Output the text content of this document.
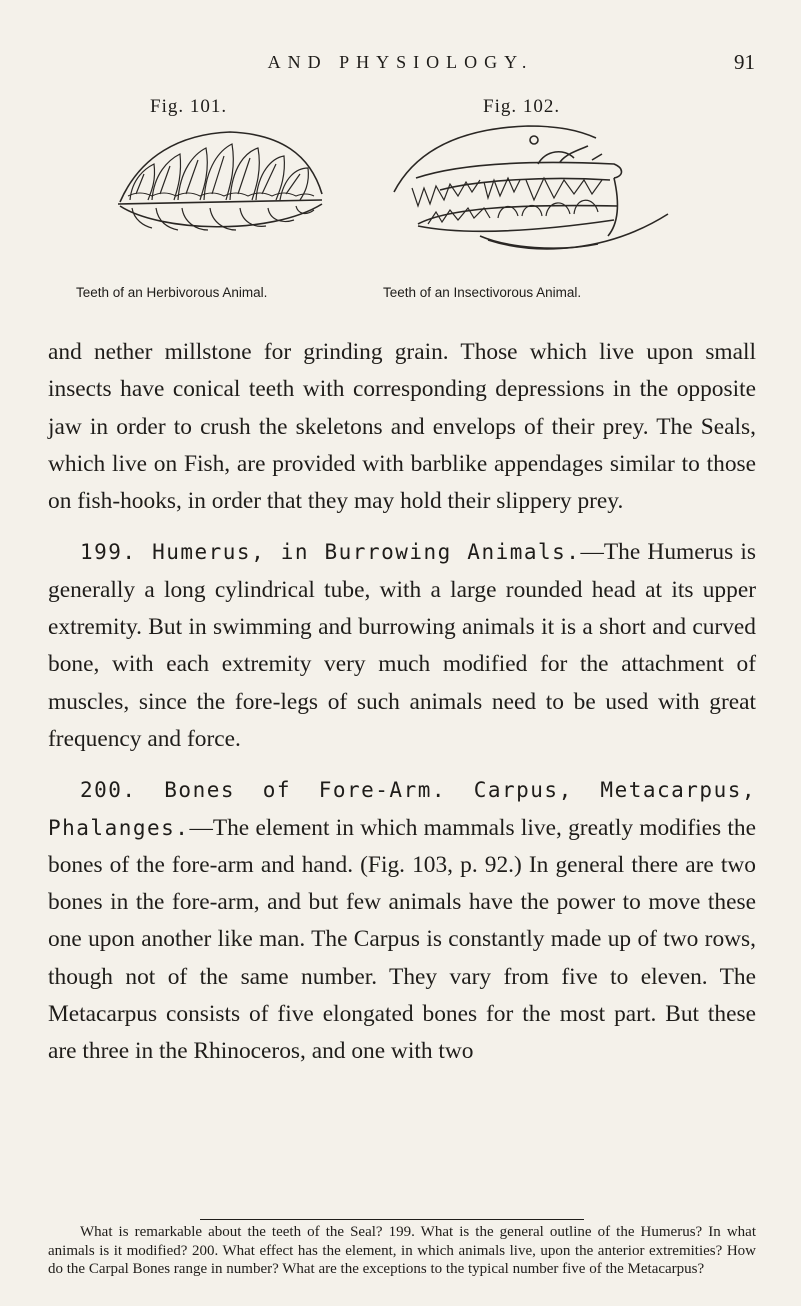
AND PHYSIOLOGY.	91
Fig. 101.
Teeth of an Herbivorous Animal.
Fig. 102.
Teeth of an Insectivorous Animal.

and nether millstone for grinding grain. Those which live upon small insects have conical teeth with corresponding depressions in the opposite jaw in order to crush the skeletons and envelops of their prey. The Seals, which live on Fish, are provided with barblike appendages similar to those on fish-hooks, in order that they may hold their slippery prey.

199. Humerus, in Burrowing Animals.—The Humerus is generally a long cylindrical tube, with a large rounded head at its upper extremity. But in swimming and burrowing animals it is a short and curved bone, with each extremity very much modified for the attachment of muscles, since the fore-legs of such animals need to be used with great frequency and force.

200. Bones of Fore-Arm. Carpus, Metacarpus, Phalanges.—The element in which mammals live, greatly modifies the bones of the fore-arm and hand. (Fig. 103, p. 92.) In general there are two bones in the fore-arm, and but few animals have the power to move these one upon another like man. The Carpus is constantly made up of two rows, though not of the same number. They vary from five to eleven. The Metacarpus consists of five elongated bones for the most part. But these are three in the Rhinoceros, and one with two

What is remarkable about the teeth of the Seal? 199. What is the general outline of the Humerus? In what animals is it modified? 200. What effect has the element, in which animals live, upon the anterior extremities? How do the Carpal Bones range in number? What are the exceptions to the typical number five of the Metacarpus?
